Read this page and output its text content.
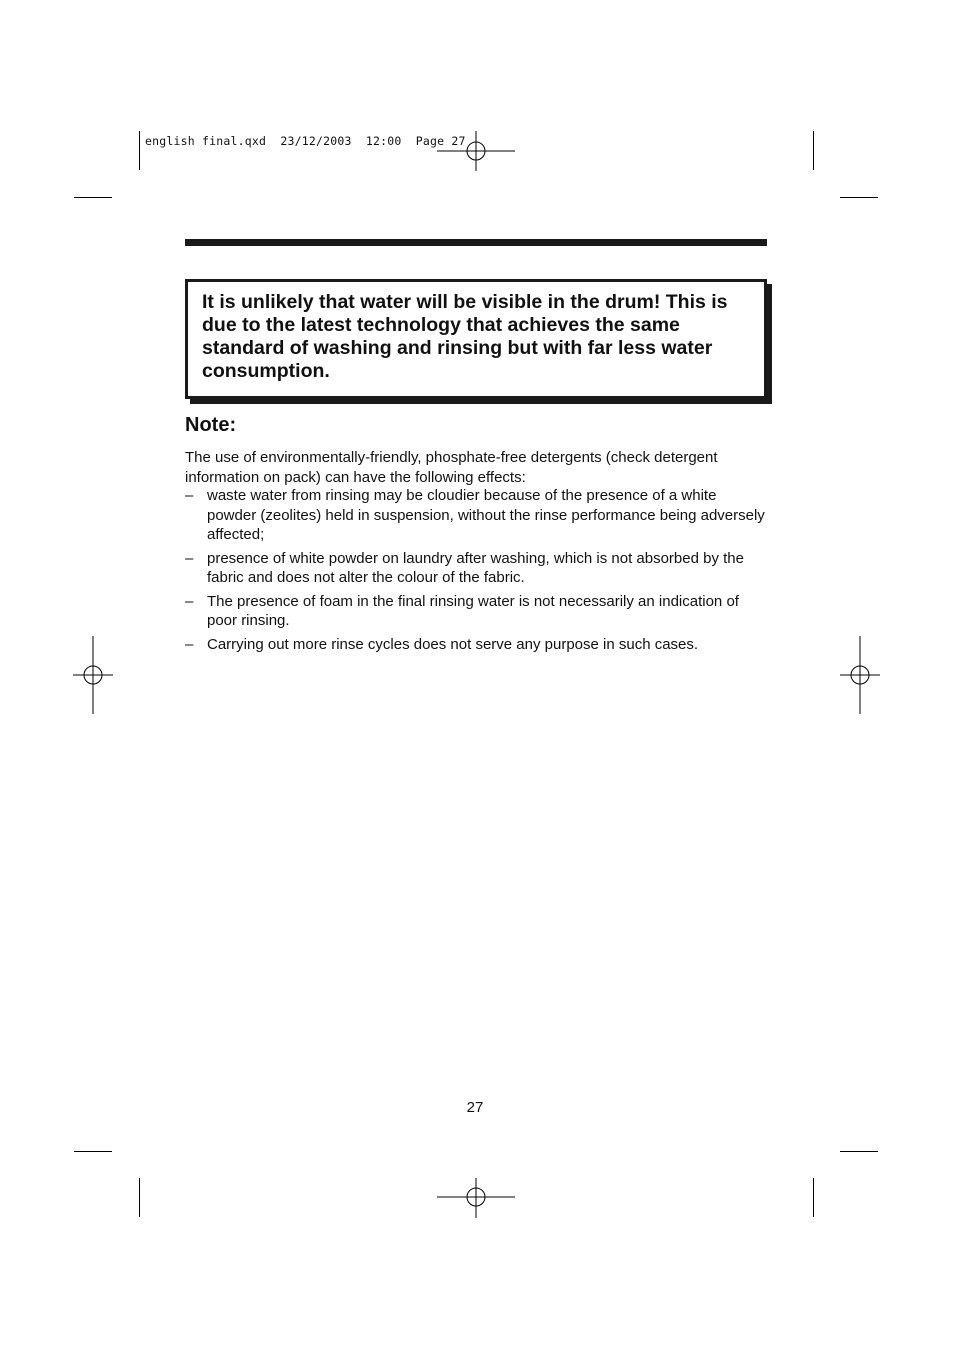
english final.qxd  23/12/2003  12:00  Page 27
It is unlikely that water will be visible in the drum! This is due to the latest technology that achieves the same standard of washing and rinsing but with far less water consumption.
Note:
The use of environmentally-friendly, phosphate-free detergents (check detergent information on pack) can have the following effects:
– waste water from rinsing may be cloudier because of the presence of a white powder (zeolites) held in suspension, without the rinse performance being adversely affected;
– presence of white powder on laundry after washing, which is not absorbed by the fabric and does not alter the colour of the fabric.
– The presence of foam in the final rinsing water is not necessarily an indication of poor rinsing.
– Carrying out more rinse cycles does not serve any purpose in such cases.
27
